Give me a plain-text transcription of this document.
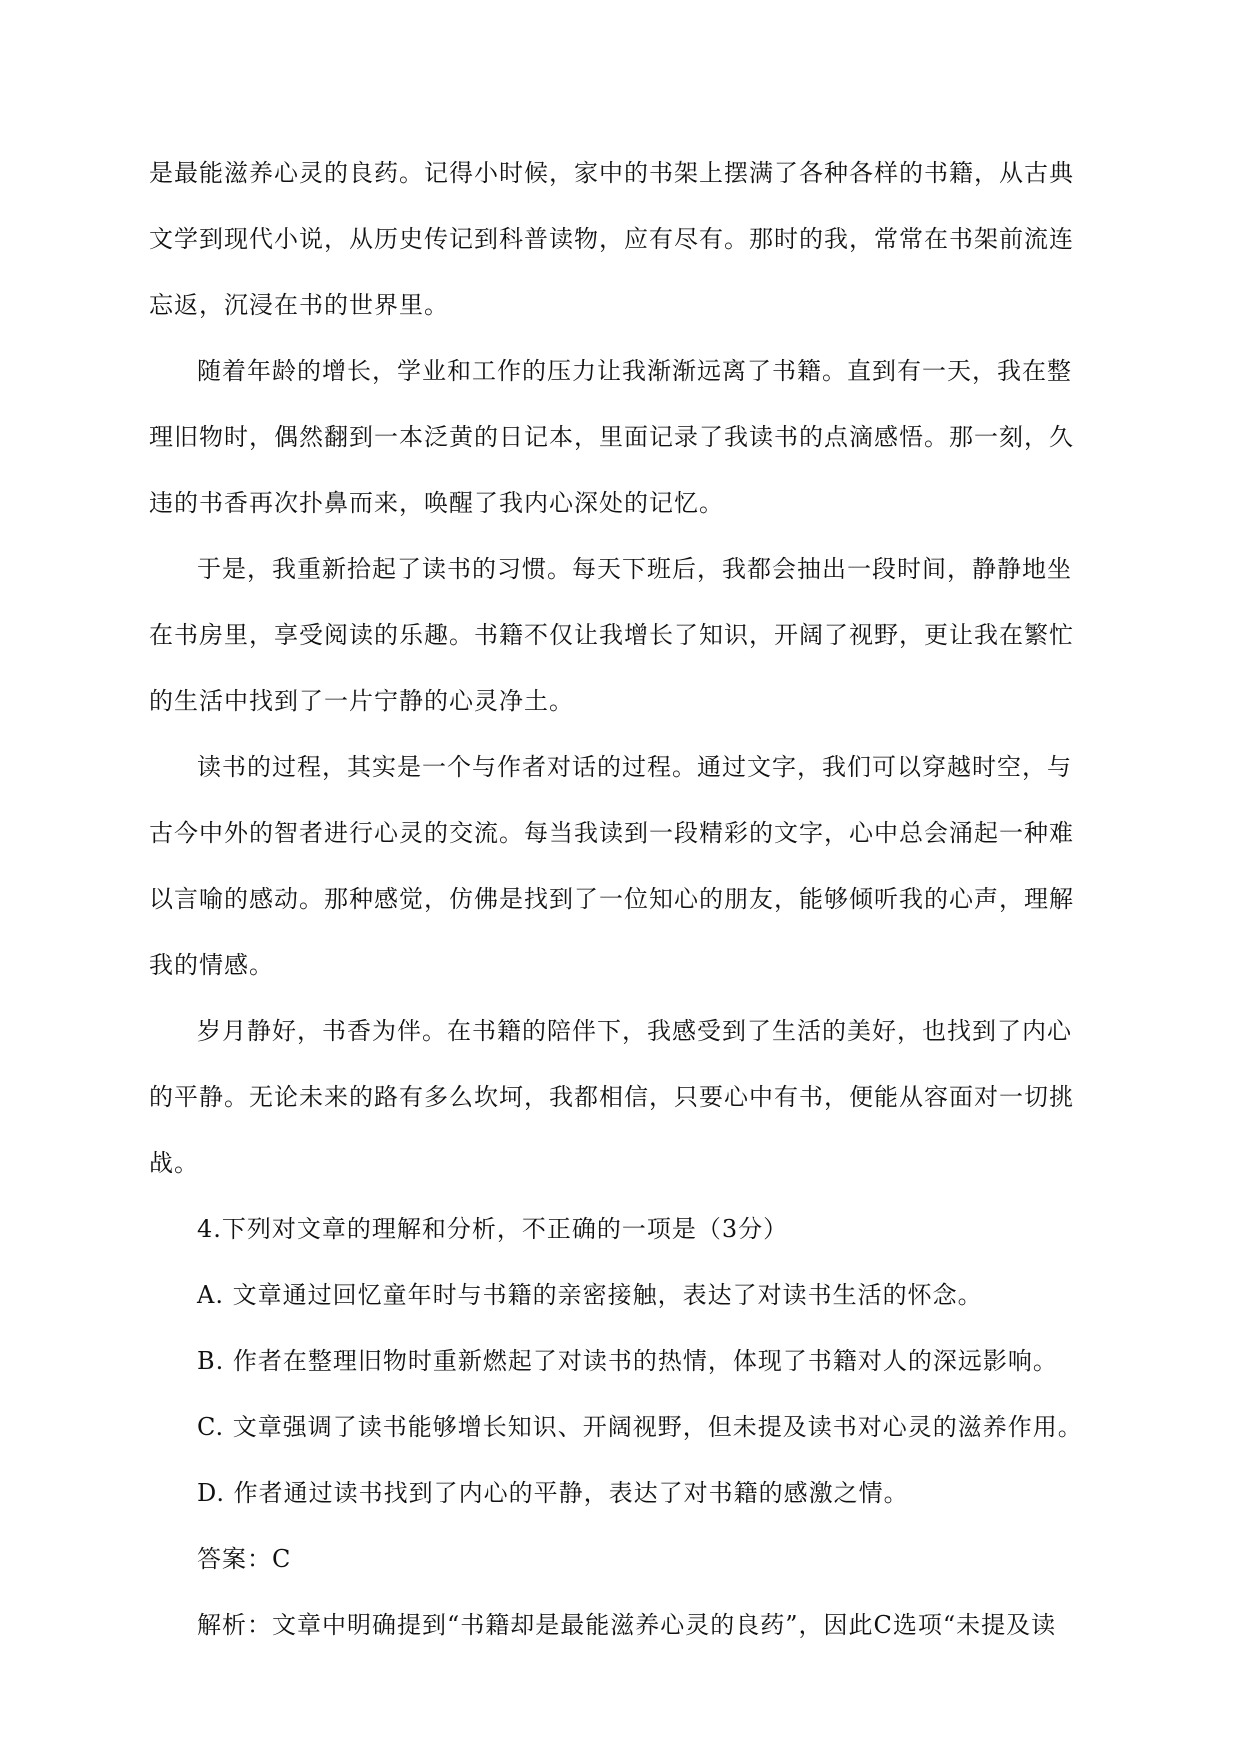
是最能滋养心灵的良药。记得小时候，家中的书架上摆满了各种各样的书籍，从古典文学到现代小说，从历史传记到科普读物，应有尽有。那时的我，常常在书架前流连忘返，沉浸在书的世界里。

随着年龄的增长，学业和工作的压力让我渐渐远离了书籍。直到有一天，我在整理旧物时，偶然翻到一本泛黄的日记本，里面记录了我读书的点滴感悟。那一刻，久违的书香再次扑鼻而来，唤醒了我内心深处的记忆。

于是，我重新拾起了读书的习惯。每天下班后，我都会抽出一段时间，静静地坐在书房里，享受阅读的乐趣。书籍不仅让我增长了知识，开阔了视野，更让我在繁忙的生活中找到了一片宁静的心灵净土。

读书的过程，其实是一个与作者对话的过程。通过文字，我们可以穿越时空，与古今中外的智者进行心灵的交流。每当我读到一段精彩的文字，心中总会涌起一种难以言喻的感动。那种感觉，仿佛是找到了一位知心的朋友，能够倾听我的心声，理解我的情感。

岁月静好，书香为伴。在书籍的陪伴下，我感受到了生活的美好，也找到了内心的平静。无论未来的路有多么坎坷，我都相信，只要心中有书，便能从容面对一切挑战。

4.下列对文章的理解和分析，不正确的一项是（3分）

A. 文章通过回忆童年时与书籍的亲密接触，表达了对读书生活的怀念。

B. 作者在整理旧物时重新燃起了对读书的热情，体现了书籍对人的深远影响。

C. 文章强调了读书能够增长知识、开阔视野，但未提及读书对心灵的滋养作用。

D. 作者通过读书找到了内心的平静，表达了对书籍的感激之情。

答案：C

解析：文章中明确提到“书籍却是最能滋养心灵的良药”，因此C选项“未提及读
